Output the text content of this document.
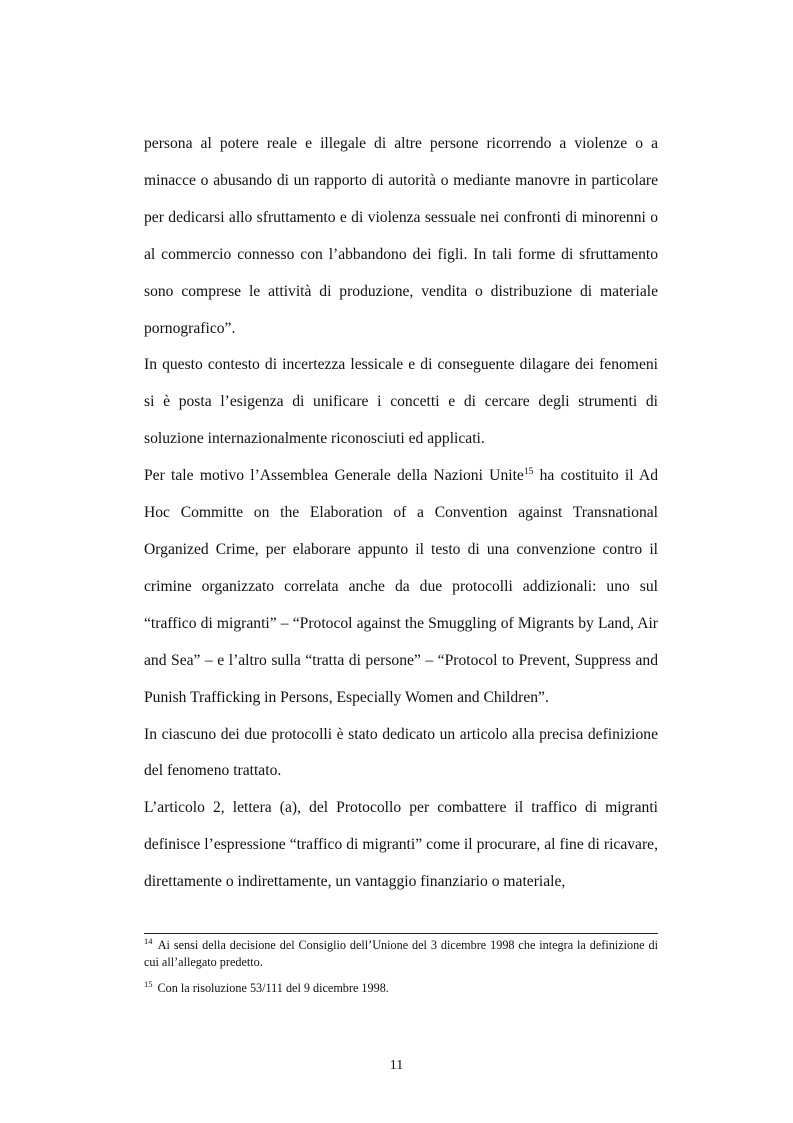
persona al potere reale e illegale di altre persone ricorrendo a violenze o a minacce o abusando di un rapporto di autorità o mediante manovre in particolare per dedicarsi allo sfruttamento e di violenza sessuale nei confronti di minorenni o al commercio connesso con l’abbandono dei figli. In tali forme di sfruttamento sono comprese le attività di produzione, vendita o distribuzione di materiale pornografico”.

In questo contesto di incertezza lessicale e di conseguente dilagare dei fenomeni si è posta l’esigenza di unificare i concetti e di cercare degli strumenti di soluzione internazionalmente riconosciuti ed applicati.

Per tale motivo l’Assemblea Generale della Nazioni Unite$^{15}$ ha costituito il Ad Hoc Committe on the Elaboration of a Convention against Transnational Organized Crime, per elaborare appunto il testo di una convenzione contro il crimine organizzato correlata anche da due protocolli addizionali: uno sul “traffico di migranti” – “Protocol against the Smuggling of Migrants by Land, Air and Sea” – e l’altro sulla “tratta di persone” – “Protocol to Prevent, Suppress and Punish Trafficking in Persons, Especially Women and Children”.

In ciascuno dei due protocolli è stato dedicato un articolo alla precisa definizione del fenomeno trattato.

L’articolo 2, lettera (a), del Protocollo per combattere il traffico di migranti definisce l’espressione “traffico di migranti” come il procurare, al fine di ricavare, direttamente o indirettamente, un vantaggio finanziario o materiale,

$^{14}$ Ai sensi della decisione del Consiglio dell’Unione del 3 dicembre 1998 che integra la definizione di cui all’allegato predetto.

$^{15}$ Con la risoluzione 53/111 del 9 dicembre 1998.

11
